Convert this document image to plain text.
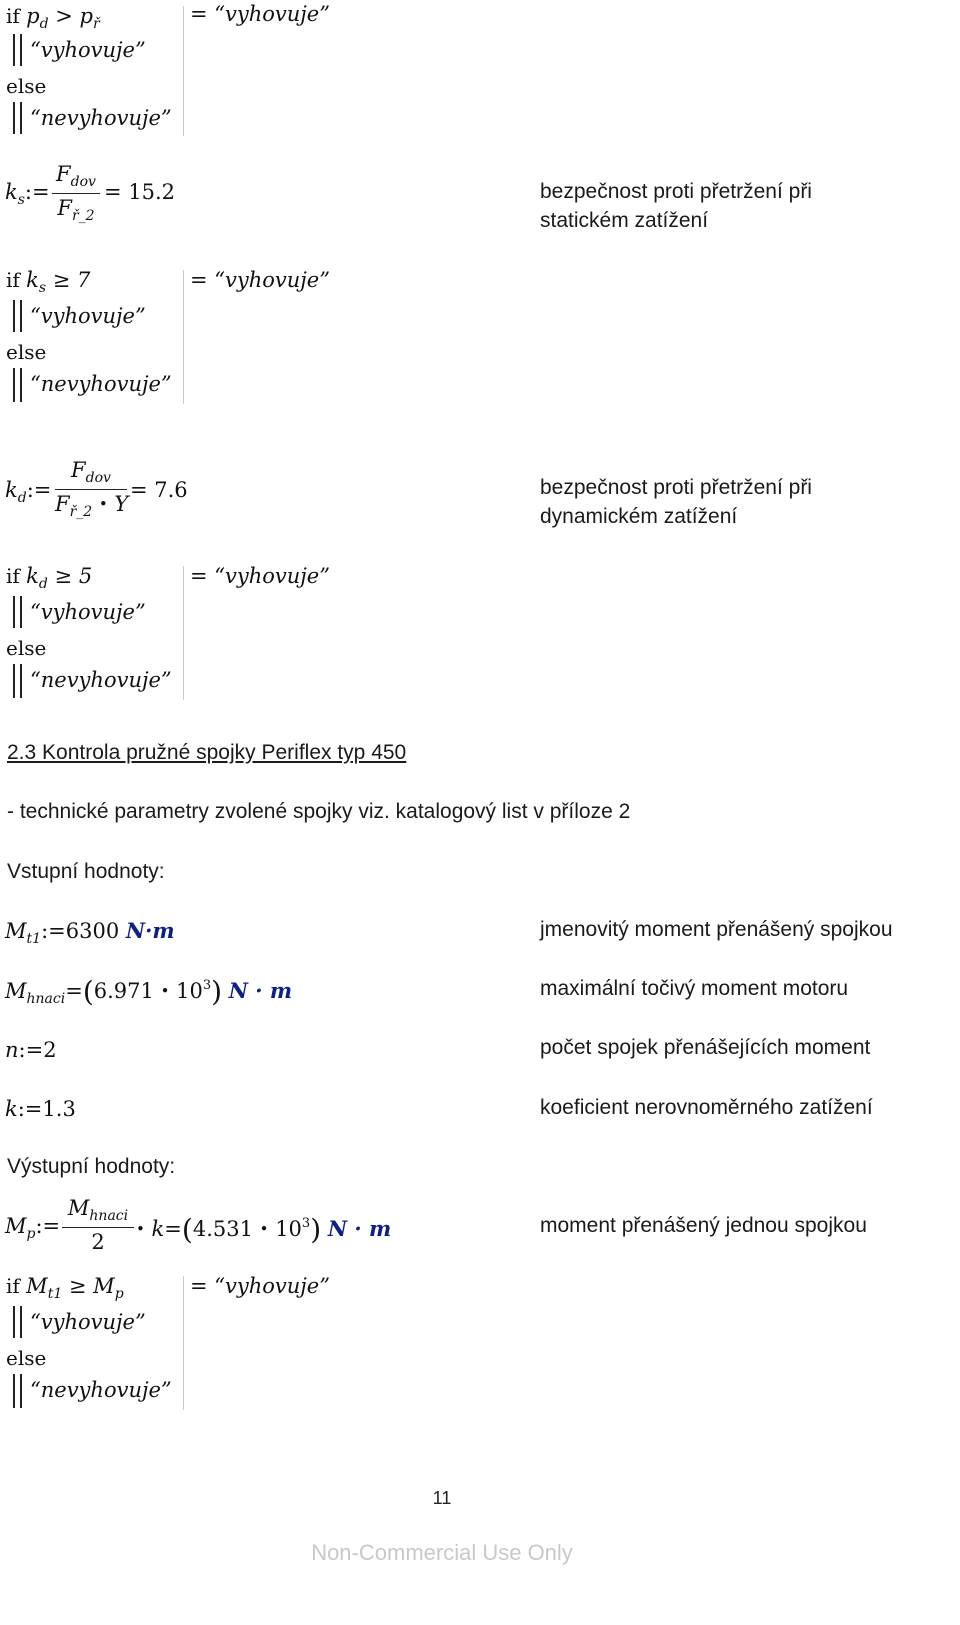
if $p_d > p_ř$	= “vyhovuje”
“vyhovuje”
else
“nevyhovuje”
$k_s:=$
$F_{dov}$
$F_{ř\_2}$
= 15.2	bezpečnost proti přetržení při
statickém zatížení
if $k_s \ge 7$	= “vyhovuje”
“vyhovuje”
else
“nevyhovuje”
$k_d:=$
$F_{dov}$
$F_{ř\_2}$ • Y
= 7.6	bezpečnost proti přetržení při
dynamickém zatížení
if $k_d \ge 5$	= “vyhovuje”
“vyhovuje”
else
“nevyhovuje”
2.3 Kontrola pružné spojky Periflex typ 450
- technické parametry zvolené spojky viz. katalogový list v příloze 2
Vstupní hodnoty:
$M_{t1}:=6300$ N·m	jmenovitý moment přenášený spojkou
$M_{hnaci}=(6.971$ • $10^3$) N · m	maximální točivý moment motoru
n:=2	počet spojek přenášejících moment
k:=1.3	koeficient nerovnoměrného zatížení
Výstupní hodnoty:
$M_p:=$
$M_{hnaci}$
2
• k=(4.531 • $10^3$) N · m	moment přenášený jednou spojkou
if $M_{t1} \ge M_p$	= “vyhovuje”
“vyhovuje”
else
“nevyhovuje”
11
Non-Commercial Use Only
